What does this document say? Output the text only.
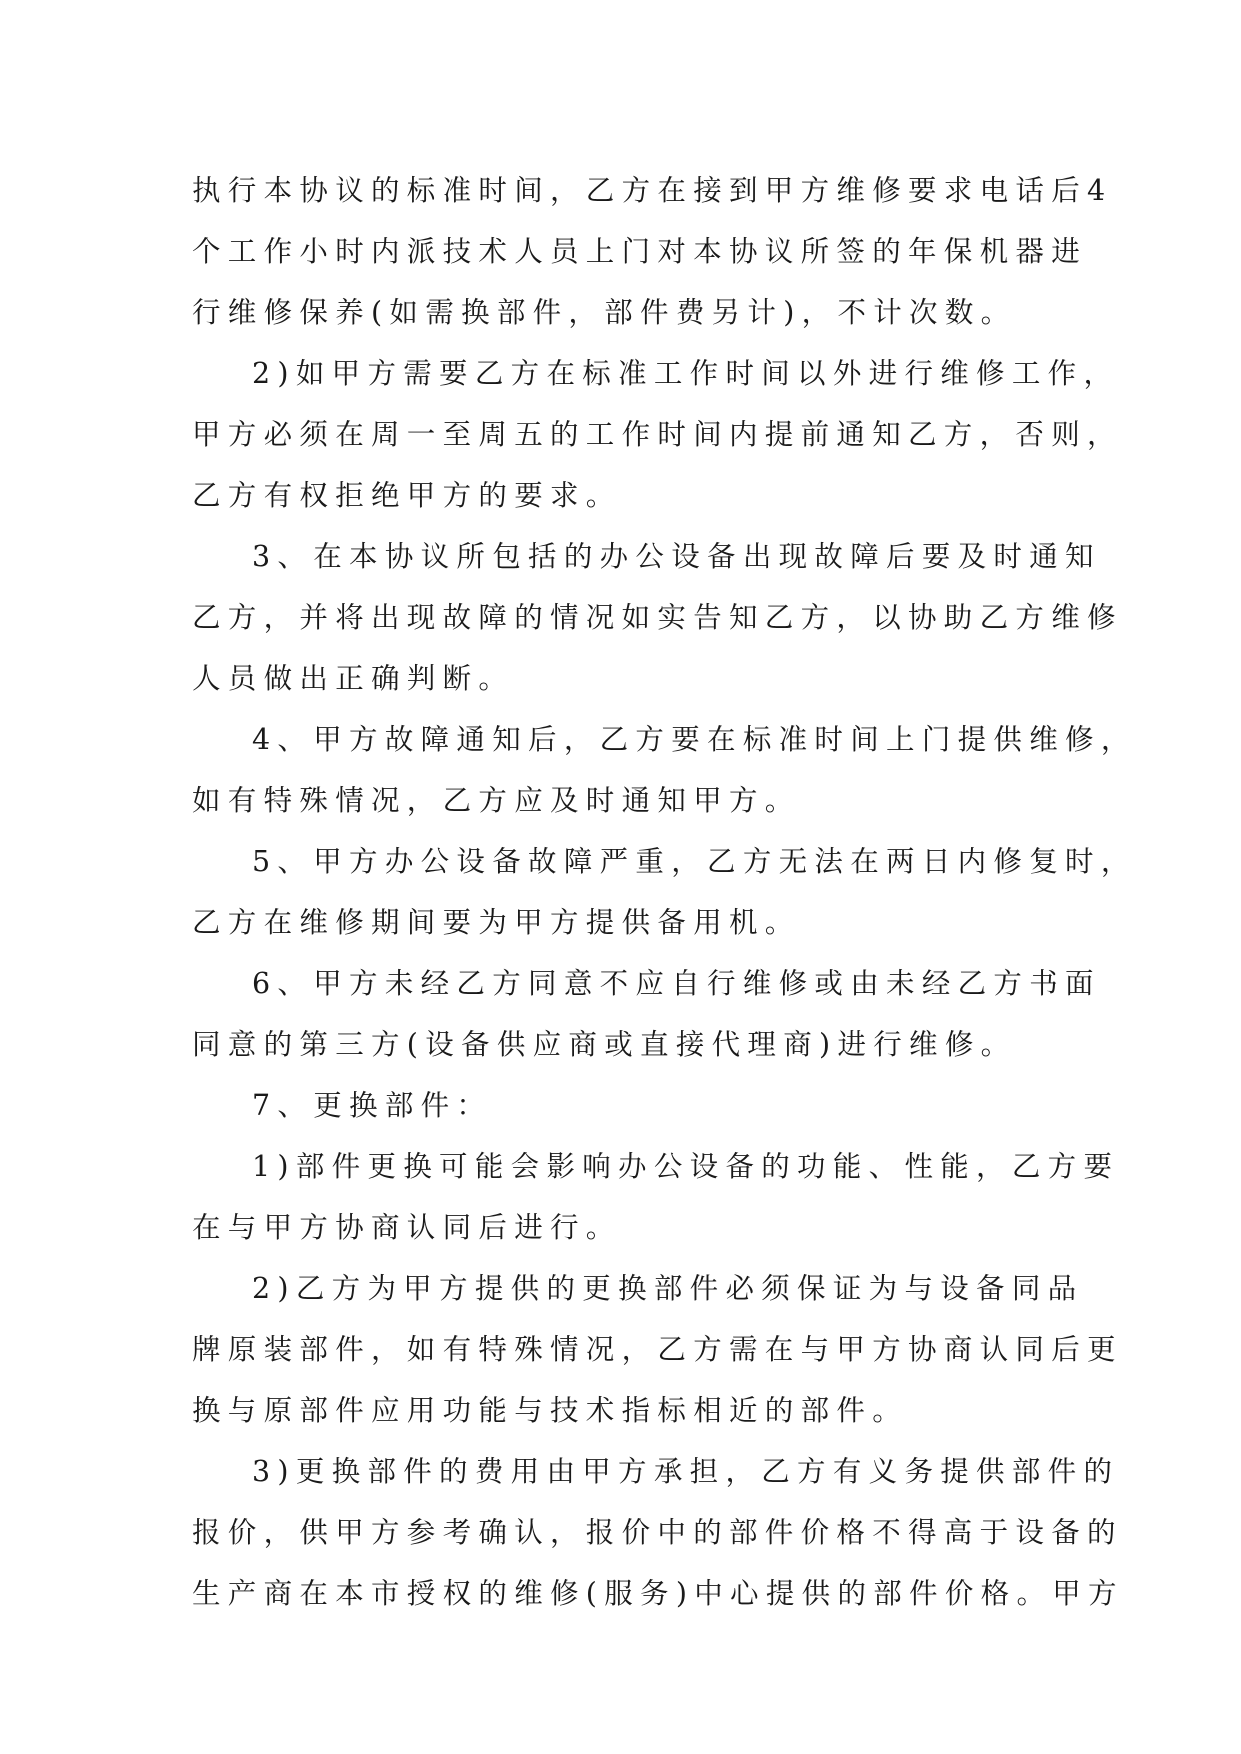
执行本协议的标准时间，乙方在接到甲方维修要求电话后4
个工作小时内派技术人员上门对本协议所签的年保机器进
行维修保养(如需换部件，部件费另计)，不计次数。
2)如甲方需要乙方在标准工作时间以外进行维修工作，
甲方必须在周一至周五的工作时间内提前通知乙方，否则，
乙方有权拒绝甲方的要求。
3、在本协议所包括的办公设备出现故障后要及时通知
乙方，并将出现故障的情况如实告知乙方，以协助乙方维修
人员做出正确判断。
4、甲方故障通知后，乙方要在标准时间上门提供维修，
如有特殊情况，乙方应及时通知甲方。
5、甲方办公设备故障严重，乙方无法在两日内修复时，
乙方在维修期间要为甲方提供备用机。
6、甲方未经乙方同意不应自行维修或由未经乙方书面
同意的第三方(设备供应商或直接代理商)进行维修。
7、更换部件：
1)部件更换可能会影响办公设备的功能、性能，乙方要
在与甲方协商认同后进行。
2)乙方为甲方提供的更换部件必须保证为与设备同品
牌原装部件，如有特殊情况，乙方需在与甲方协商认同后更
换与原部件应用功能与技术指标相近的部件。
3)更换部件的费用由甲方承担，乙方有义务提供部件的
报价，供甲方参考确认，报价中的部件价格不得高于设备的
生产商在本市授权的维修(服务)中心提供的部件价格。甲方
